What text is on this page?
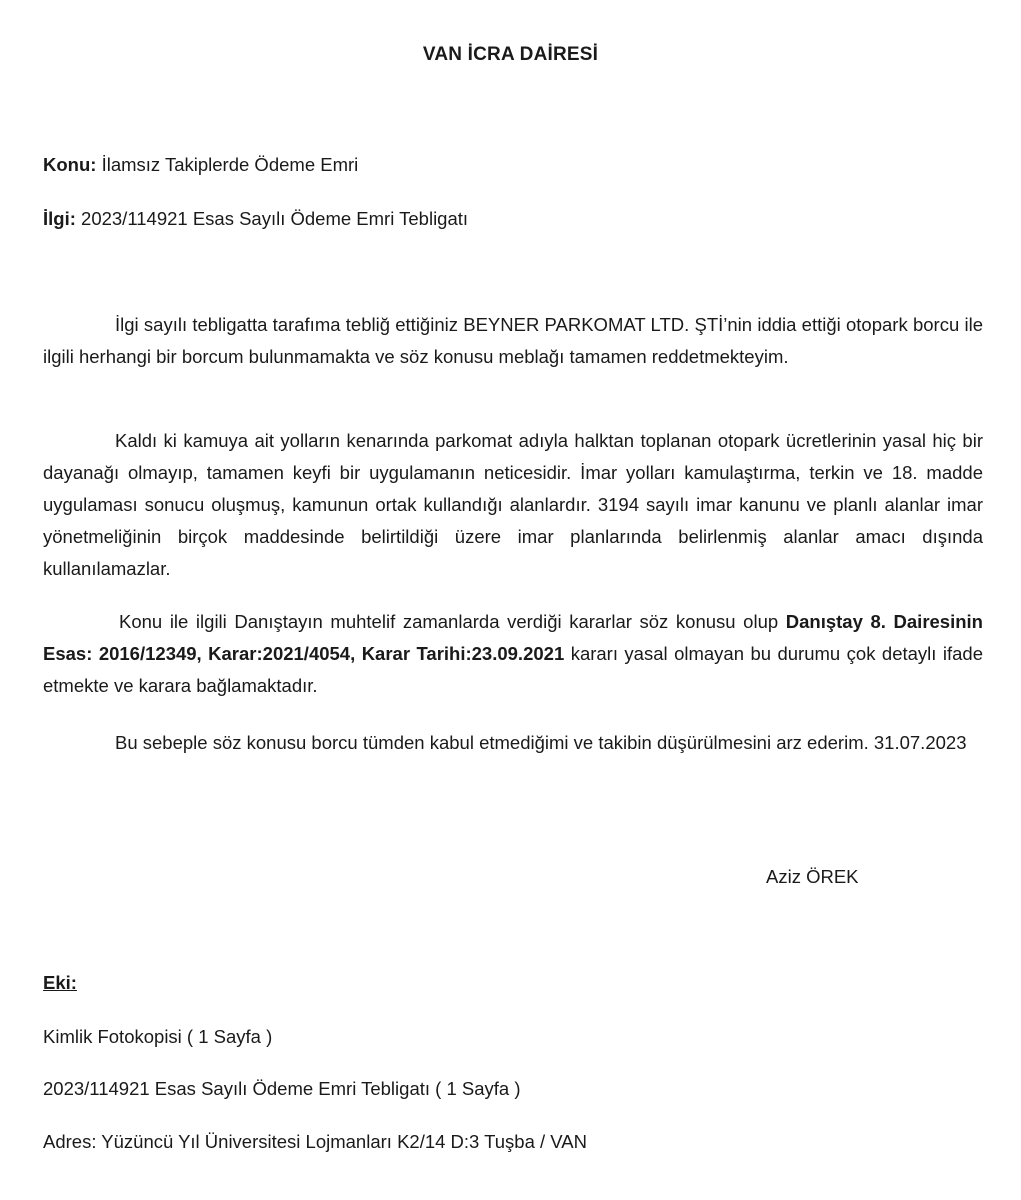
VAN İCRA DAİRESİ
Konu: İlamsız Takiplerde Ödeme Emri
İlgi: 2023/114921 Esas Sayılı Ödeme Emri Tebligatı

İlgi sayılı tebligatta tarafıma tebliğ ettiğiniz BEYNER PARKOMAT LTD. ŞTİ’nin iddia ettiği otopark borcu ile ilgili herhangi bir borcum bulunmamakta ve söz konusu meblağı tamamen reddetmekteyim.

Kaldı ki kamuya ait yolların kenarında parkomat adıyla halktan toplanan otopark ücretlerinin yasal hiç bir dayanağı olmayıp, tamamen keyfi bir uygulamanın neticesidir. İmar yolları kamulaştırma, terkin ve 18. madde uygulaması sonucu oluşmuş, kamunun ortak kullandığı alanlardır. 3194 sayılı imar kanunu ve planlı alanlar imar yönetmeliğinin birçok maddesinde belirtildiği üzere imar planlarında belirlenmiş alanlar amacı dışında kullanılamazlar.

Konu ile ilgili Danıştayın muhtelif zamanlarda verdiği kararlar söz konusu olup Danıştay 8. Dairesinin Esas: 2016/12349, Karar:2021/4054, Karar Tarihi:23.09.2021 kararı yasal olmayan bu durumu çok detaylı ifade etmekte ve karara bağlamaktadır.

Bu sebeple söz konusu borcu tümden kabul etmediğimi ve takibin düşürülmesini arz ederim. 31.07.2023

Aziz ÖREK
Eki:
Kimlik Fotokopisi ( 1 Sayfa )
2023/114921 Esas Sayılı Ödeme Emri Tebligatı ( 1 Sayfa )
Adres: Yüzüncü Yıl Üniversitesi Lojmanları K2/14 D:3 Tuşba / VAN
